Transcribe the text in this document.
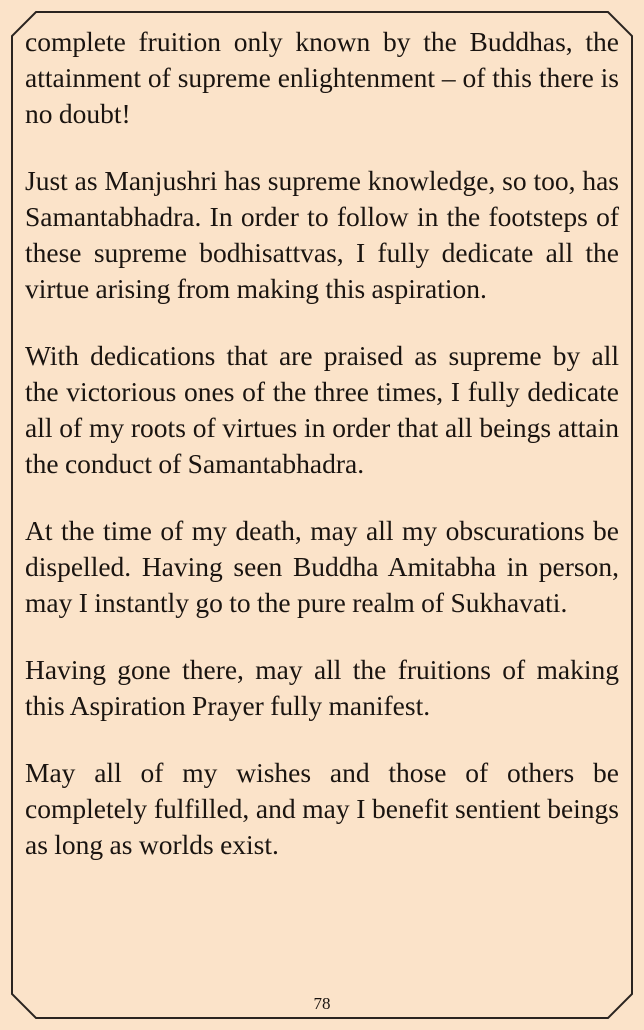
complete fruition only known by the Buddhas, the attainment of supreme enlightenment – of this there is no doubt!

Just as Manjushri has supreme knowledge, so too, has Samantabhadra. In order to follow in the footsteps of these supreme bodhisattvas, I fully dedicate all the virtue arising from making this aspiration.

With dedications that are praised as supreme by all the victorious ones of the three times, I fully dedicate all of my roots of virtues in order that all beings attain the conduct of Samantabhadra.

At the time of my death, may all my obscurations be dispelled. Having seen Buddha Amitabha in person, may I instantly go to the pure realm of Sukhavati.

Having gone there, may all the fruitions of making this Aspiration Prayer fully manifest.

May all of my wishes and those of others be completely fulfilled, and may I benefit sentient beings as long as worlds exist.

78
